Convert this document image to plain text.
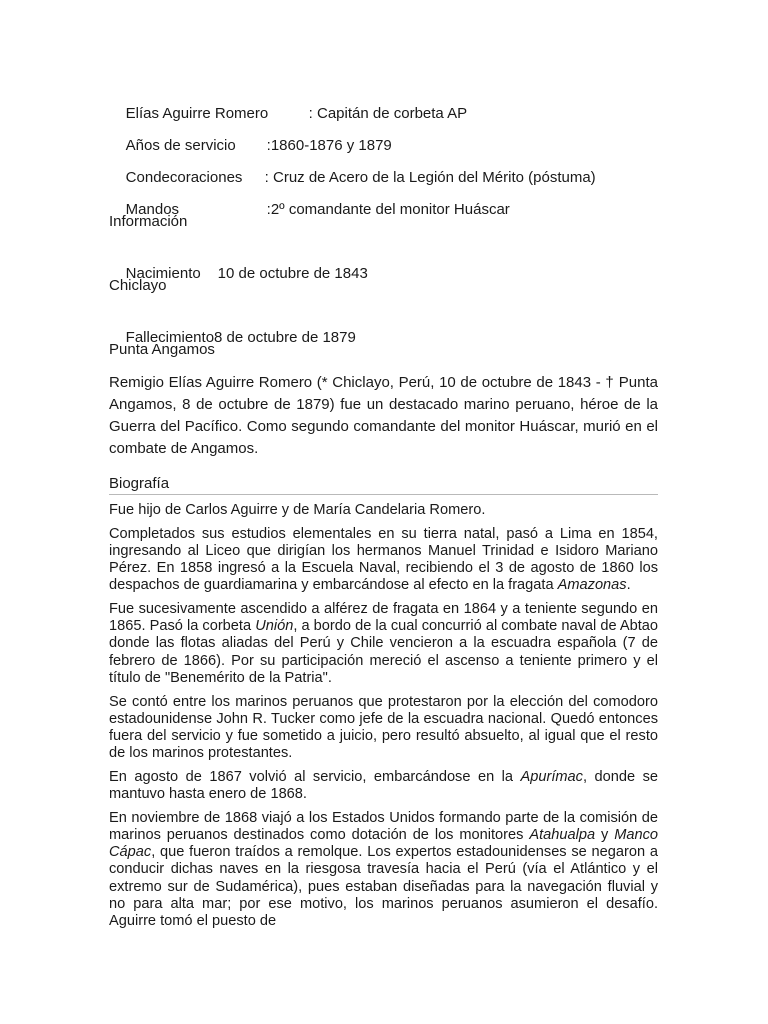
Elías Aguirre Romero	: Capitán de corbeta AP

Años de servicio :1860-1876 y 1879

Condecoraciones : Cruz de Acero de la Legión del Mérito (póstuma)

Mandos	:2º comandante del monitor Huáscar

Información

Nacimiento 10 de octubre de 1843

Chiclayo

Fallecimiento8 de octubre de 1879

Punta Angamos

Remigio Elías Aguirre Romero (* Chiclayo, Perú, 10 de octubre de 1843 - † Punta Angamos, 8 de octubre de 1879) fue un destacado marino peruano, héroe de la Guerra del Pacífico. Como segundo comandante del monitor Huáscar, murió en el combate de Angamos.

Biografía

Fue hijo de Carlos Aguirre y de María Candelaria Romero.

Completados sus estudios elementales en su tierra natal, pasó a Lima en 1854, ingresando al Liceo que dirigían los hermanos Manuel Trinidad e Isidoro Mariano Pérez. En 1858 ingresó a la Escuela Naval, recibiendo el 3 de agosto de 1860 los despachos de guardiamarina y embarcándose al efecto en la fragata Amazonas.

Fue sucesivamente ascendido a alférez de fragata en 1864 y a teniente segundo en 1865. Pasó la corbeta Unión, a bordo de la cual concurrió al combate naval de Abtao donde las flotas aliadas del Perú y Chile vencieron a la escuadra española (7 de febrero de 1866). Por su participación mereció el ascenso a teniente primero y el título de "Benemérito de la Patria".

Se contó entre los marinos peruanos que protestaron por la elección del comodoro estadounidense John R. Tucker como jefe de la escuadra nacional. Quedó entonces fuera del servicio y fue sometido a juicio, pero resultó absuelto, al igual que el resto de los marinos protestantes.

En agosto de 1867 volvió al servicio, embarcándose en la Apurímac, donde se mantuvo hasta enero de 1868.

En noviembre de 1868 viajó a los Estados Unidos formando parte de la comisión de marinos peruanos destinados como dotación de los monitores Atahualpa y Manco Cápac, que fueron traídos a remolque. Los expertos estadounidenses se negaron a conducir dichas naves en la riesgosa travesía hacia el Perú (vía el Atlántico y el extremo sur de Sudamérica), pues estaban diseñadas para la navegación fluvial y no para alta mar; por ese motivo, los marinos peruanos asumieron el desafío. Aguirre tomó el puesto de
